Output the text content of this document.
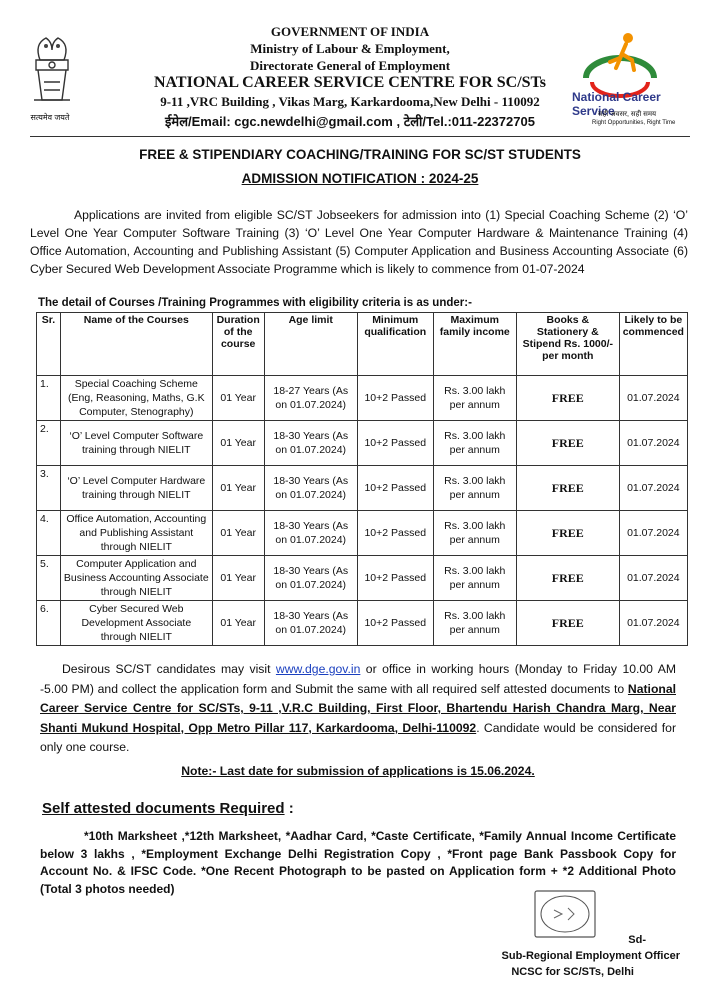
सत्यमेव जयते
GOVERNMENT OF INDIA
Ministry of Labour & Employment,
Directorate General of Employment
NATIONAL CAREER SERVICE CENTRE FOR SC/STs
9-11 ,VRC Building , Vikas Marg, Karkardooma,New Delhi - 110092
ईमेल/Email: cgc.newdelhi@gmail.com , टेली/Tel.:011-22372705
National Career Service
सही अवसर, सही समय
Right Opportunities, Right Time
FREE & STIPENDIARY COACHING/TRAINING FOR SC/ST STUDENTS
ADMISSION NOTIFICATION : 2024-25
Applications are invited from eligible SC/ST Jobseekers for admission into (1) Special Coaching Scheme (2) ‘O’ Level One Year Computer Software Training (3) ‘O’ Level One Year Computer Hardware & Maintenance Training (4) Office Automation, Accounting and Publishing Assistant (5) Computer Application and Business Accounting Associate (6) Cyber Secured Web Development Associate Programme which is likely to commence from 01-07-2024
The detail of Courses /Training Programmes with eligibility criteria is as under:-
Sr.	Name of the Courses	Duration of the course	Age limit	Minimum qualification	Maximum family income	Books & Stationery & Stipend Rs. 1000/- per month	Likely to be commenced
1.	Special Coaching Scheme (Eng, Reasoning, Maths, G.K Computer, Stenography)	01 Year	18-27 Years (As on 01.07.2024)	10+2 Passed	Rs. 3.00 lakh per annum	FREE	01.07.2024
2.	‘O’ Level Computer Software training through NIELIT	01 Year	18-30 Years (As on 01.07.2024)	10+2 Passed	Rs. 3.00 lakh per annum	FREE	01.07.2024
3.	‘O’ Level Computer Hardware training through NIELIT	01 Year	18-30 Years (As on 01.07.2024)	10+2 Passed	Rs. 3.00 lakh per annum	FREE	01.07.2024
4.	Office Automation, Accounting and Publishing Assistant through NIELIT	01 Year	18-30 Years (As on 01.07.2024)	10+2 Passed	Rs. 3.00 lakh per annum	FREE	01.07.2024
5.	Computer Application and Business Accounting Associate through NIELIT	01 Year	18-30 Years (As on 01.07.2024)	10+2 Passed	Rs. 3.00 lakh per annum	FREE	01.07.2024
6.	Cyber Secured Web Development Associate through NIELIT	01 Year	18-30 Years (As on 01.07.2024)	10+2 Passed	Rs. 3.00 lakh per annum	FREE	01.07.2024
Desirous SC/ST candidates may visit www.dge.gov.in or office in working hours (Monday to Friday 10.00 AM -5.00 PM) and collect the application form and Submit the same with all required self attested documents to National Career Service Centre for SC/STs, 9-11 ,V.R.C Building, First Floor, Bhartendu Harish Chandra Marg, Near Shanti Mukund Hospital, Opp Metro Pillar 117, Karkardooma, Delhi-110092. Candidate would be considered for only one course.
Note:- Last date for submission of applications is 15.06.2024.
Self attested documents Required :
*10th Marksheet ,*12th Marksheet, *Aadhar Card, *Caste Certificate, *Family Annual Income Certificate below 3 lakhs , *Employment Exchange Delhi Registration Copy , *Front page Bank Passbook Copy for Account No. & IFSC Code. *One Recent Photograph to be pasted on Application form + *2 Additional Photo (Total 3 photos needed)
Sd-
Sub-Regional Employment Officer
NCSC for SC/STs, Delhi
